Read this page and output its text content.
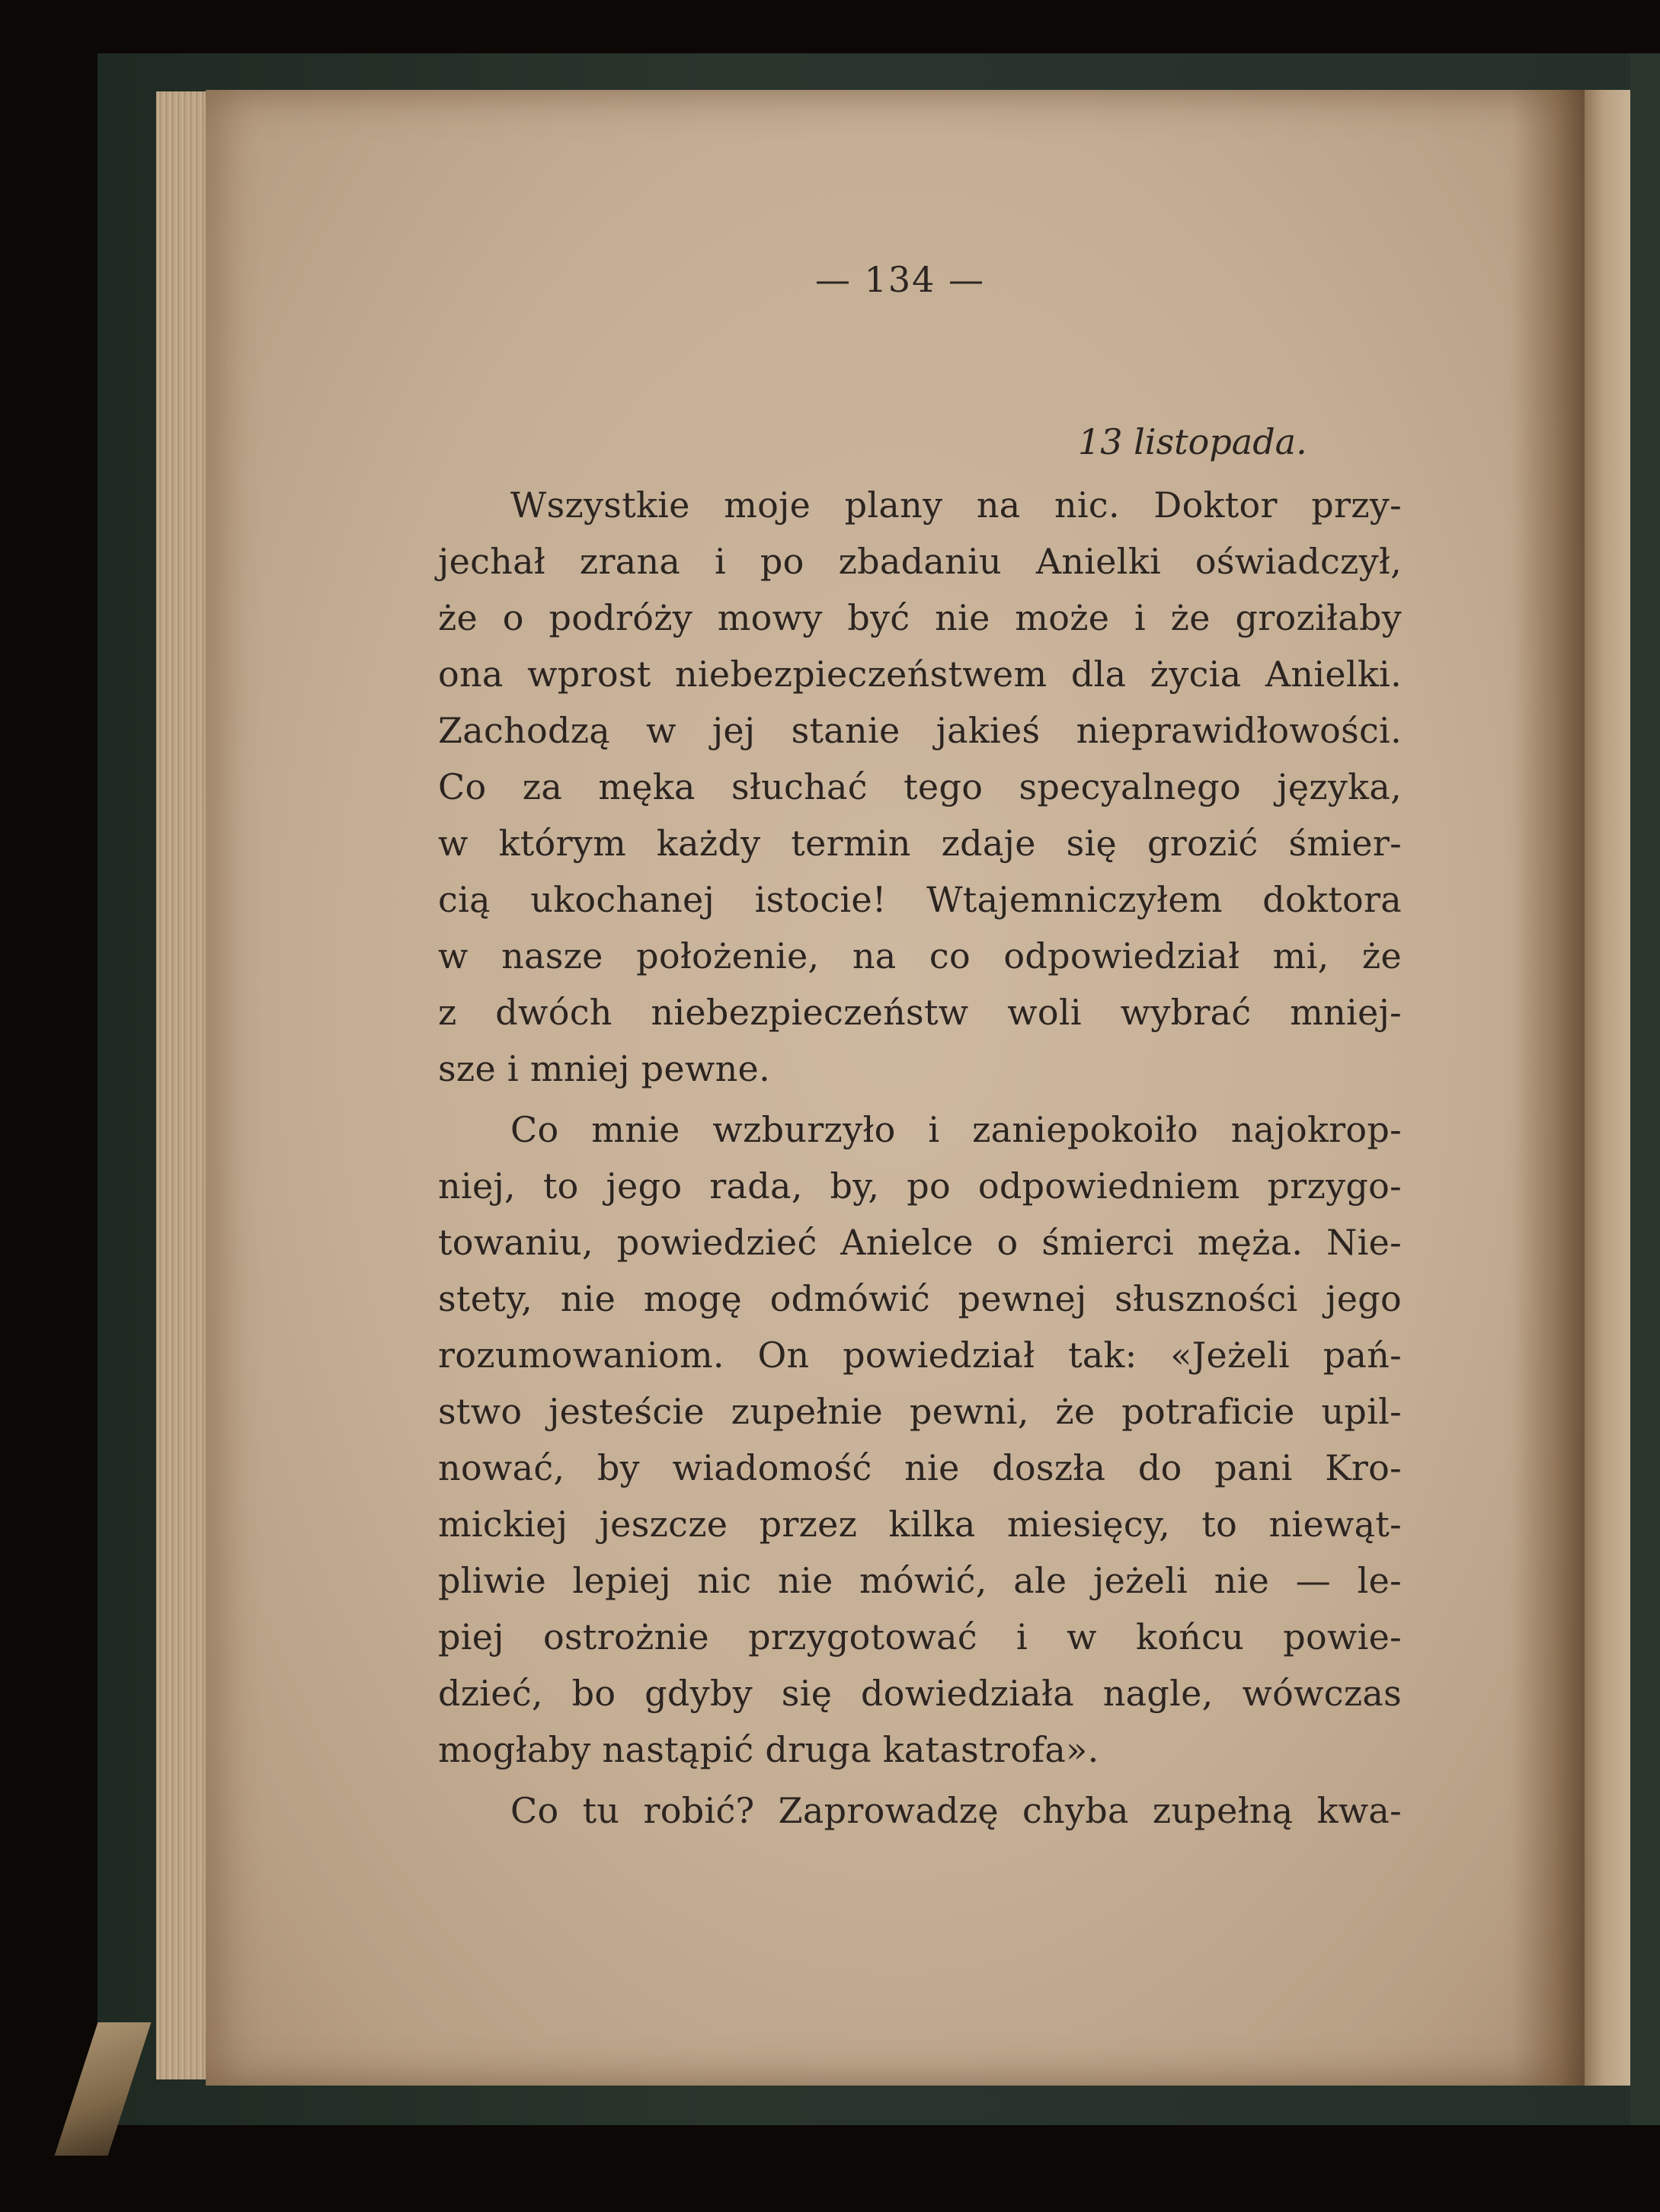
— 134 —
13 listopada.
Wszystkie moje plany na nic. Doktor przy-
jechał zrana i po zbadaniu Anielki oświadczył,
że o podróży mowy być nie może i że groziłaby
ona wprost niebezpieczeństwem dla życia Anielki.
Zachodzą w jej stanie jakieś nieprawidłowości.
Co za męka słuchać tego specyalnego języka,
w którym każdy termin zdaje się grozić śmier-
cią ukochanej istocie! Wtajemniczyłem doktora
w nasze położenie, na co odpowiedział mi, że
z dwóch niebezpieczeństw woli wybrać mniej-
sze i mniej pewne.
Co mnie wzburzyło i zaniepokoiło najokrop-
niej, to jego rada, by, po odpowiedniem przygo-
towaniu, powiedzieć Anielce o śmierci męża. Nie-
stety, nie mogę odmówić pewnej słuszności jego
rozumowaniom. On powiedział tak: «Jeżeli pań-
stwo jesteście zupełnie pewni, że potraficie upil-
nować, by wiadomość nie doszła do pani Kro-
mickiej jeszcze przez kilka miesięcy, to niewąt-
pliwie lepiej nic nie mówić, ale jeżeli nie — le-
piej ostrożnie przygotować i w końcu powie-
dzieć, bo gdyby się dowiedziała nagle, wówczas
mogłaby nastąpić druga katastrofa».
Co tu robić? Zaprowadzę chyba zupełną kwa-
